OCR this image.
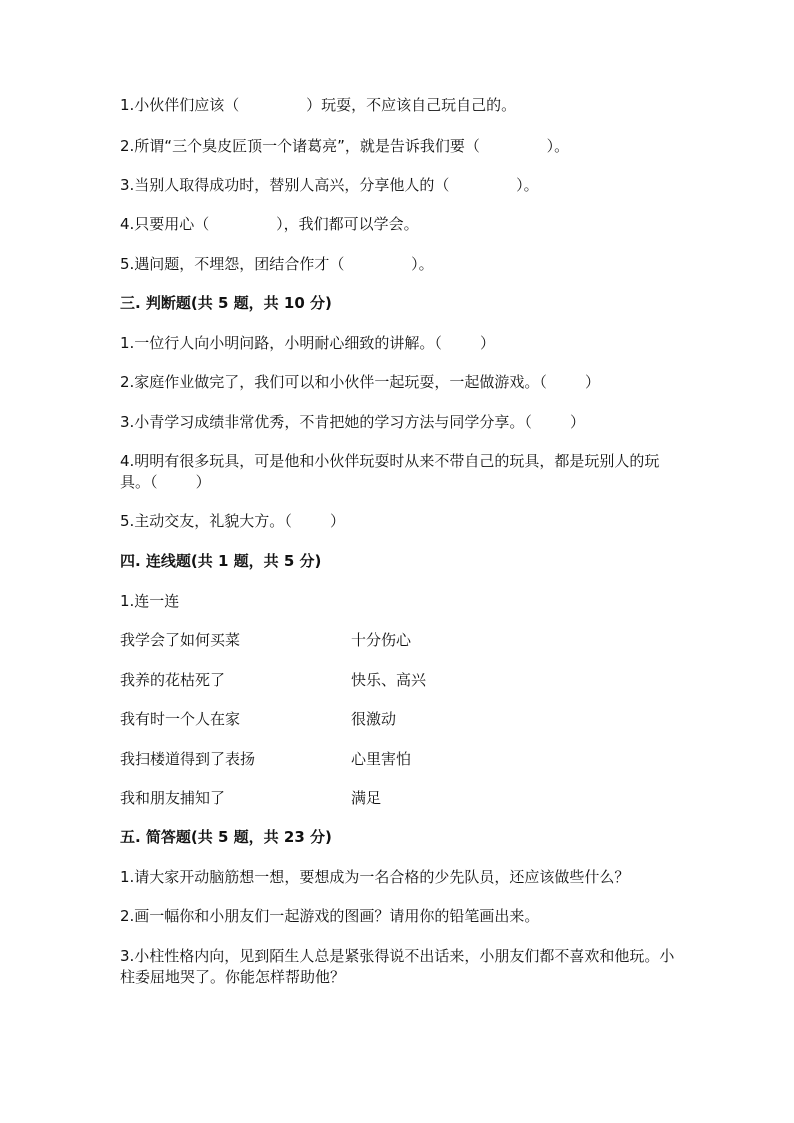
1.小伙伴们应该（              ）玩耍，不应该自己玩自己的。
2.所谓“三个臭皮匠顶一个诸葛亮”，就是告诉我们要（              ）。
3.当别人取得成功时，替别人高兴，分享他人的（              ）。
4.只要用心（              ），我们都可以学会。
5.遇问题，不埋怨，团结合作才（              ）。
三. 判断题(共 5 题，共 10 分)
1.一位行人向小明问路，小明耐心细致的讲解。（        ）
2.家庭作业做完了，我们可以和小伙伴一起玩耍，一起做游戏。（        ）
3.小青学习成绩非常优秀，不肯把她的学习方法与同学分享。（        ）
4.明明有很多玩具，可是他和小伙伴玩耍时从来不带自己的玩具，都是玩别人的玩具。（        ）
5.主动交友，礼貌大方。（        ）
四. 连线题(共 1 题，共 5 分)
1.连一连
我学会了如何买菜	十分伤心
我养的花枯死了	快乐、高兴
我有时一个人在家	很激动
我扫楼道得到了表扬	心里害怕
我和朋友捕知了	满足
五. 简答题(共 5 题，共 23 分)
1.请大家开动脑筋想一想，要想成为一名合格的少先队员，还应该做些什么？
2.画一幅你和小朋友们一起游戏的图画？请用你的铅笔画出来。
3.小柱性格内向，见到陌生人总是紧张得说不出话来，小朋友们都不喜欢和他玩。小柱委屈地哭了。你能怎样帮助他？
